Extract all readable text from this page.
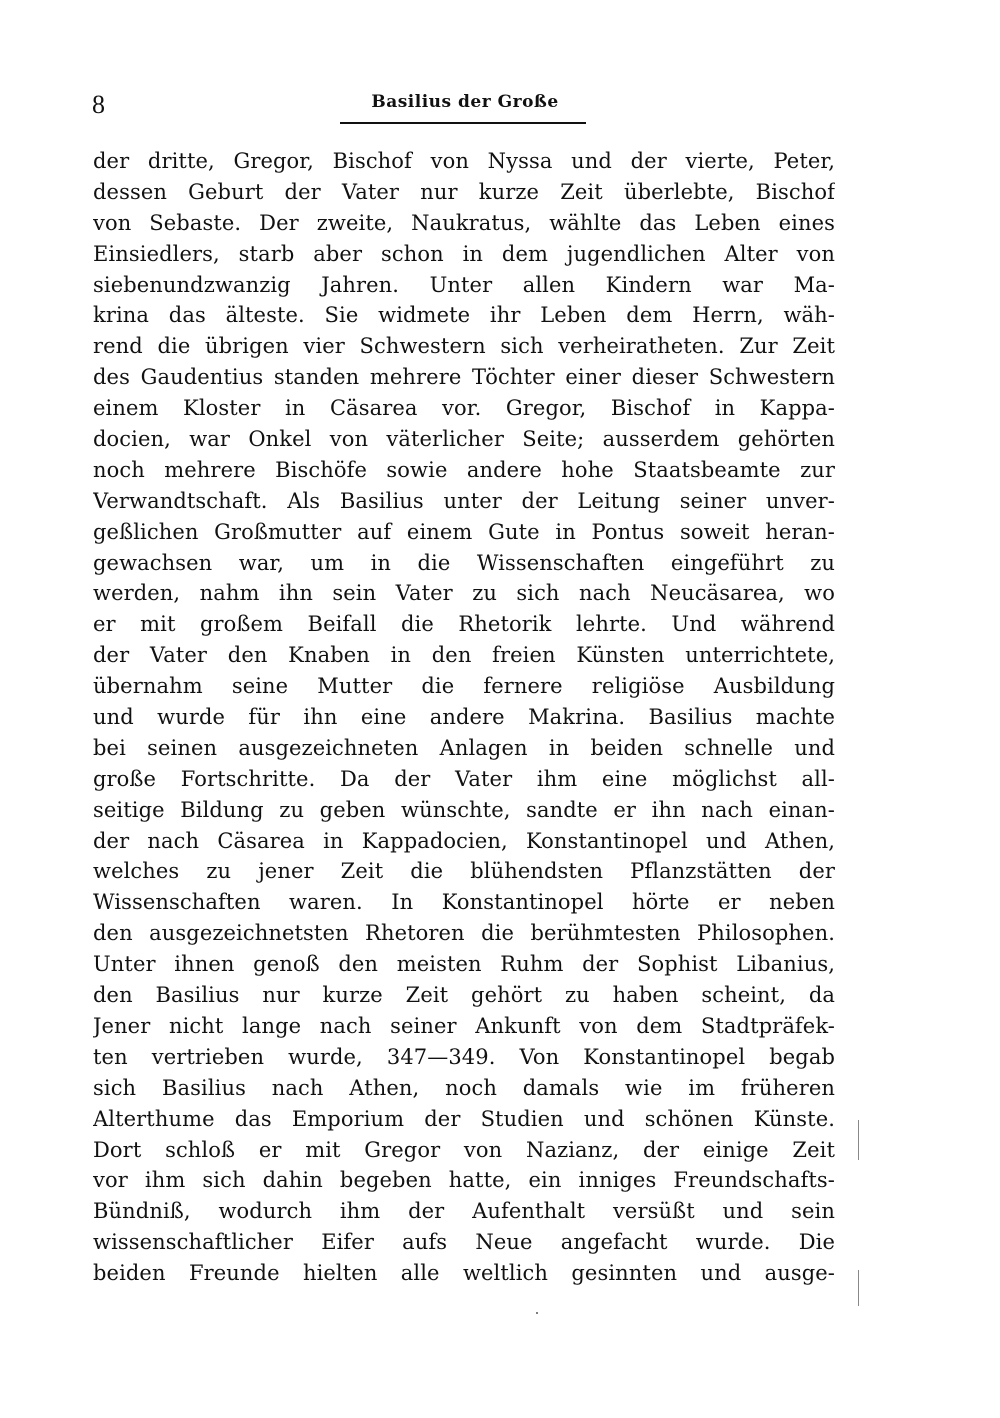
8	Basilius der Große
der dritte, Gregor, Bischof von Nyssa und der vierte, Peter,
dessen Geburt der Vater nur kurze Zeit überlebte, Bischof
von Sebaste. Der zweite, Naukratus, wählte das Leben eines
Einsiedlers, starb aber schon in dem jugendlichen Alter von
siebenundzwanzig Jahren. Unter allen Kindern war Ma-
krina das älteste. Sie widmete ihr Leben dem Herrn, wäh-
rend die übrigen vier Schwestern sich verheiratheten. Zur Zeit
des Gaudentius standen mehrere Töchter einer dieser Schwestern
einem Kloster in Cäsarea vor. Gregor, Bischof in Kappa-
docien, war Onkel von väterlicher Seite; ausserdem gehörten
noch mehrere Bischöfe sowie andere hohe Staatsbeamte zur
Verwandtschaft. Als Basilius unter der Leitung seiner unver-
geßlichen Großmutter auf einem Gute in Pontus soweit heran-
gewachsen war, um in die Wissenschaften eingeführt zu
werden, nahm ihn sein Vater zu sich nach Neucäsarea, wo
er mit großem Beifall die Rhetorik lehrte. Und während
der Vater den Knaben in den freien Künsten unterrichtete,
übernahm seine Mutter die fernere religiöse Ausbildung
und wurde für ihn eine andere Makrina. Basilius machte
bei seinen ausgezeichneten Anlagen in beiden schnelle und
große Fortschritte. Da der Vater ihm eine möglichst all-
seitige Bildung zu geben wünschte, sandte er ihn nach einan-
der nach Cäsarea in Kappadocien, Konstantinopel und Athen,
welches zu jener Zeit die blühendsten Pflanzstätten der
Wissenschaften waren. In Konstantinopel hörte er neben
den ausgezeichnetsten Rhetoren die berühmtesten Philosophen.
Unter ihnen genoß den meisten Ruhm der Sophist Libanius,
den Basilius nur kurze Zeit gehört zu haben scheint, da
Jener nicht lange nach seiner Ankunft von dem Stadtpräfek-
ten vertrieben wurde, 347—349. Von Konstantinopel begab
sich Basilius nach Athen, noch damals wie im früheren
Alterthume das Emporium der Studien und schönen Künste.
Dort schloß er mit Gregor von Nazianz, der einige Zeit
vor ihm sich dahin begeben hatte, ein inniges Freundschafts-
Bündniß, wodurch ihm der Aufenthalt versüßt und sein
wissenschaftlicher Eifer aufs Neue angefacht wurde. Die
beiden Freunde hielten alle weltlich gesinnten und ausge-
